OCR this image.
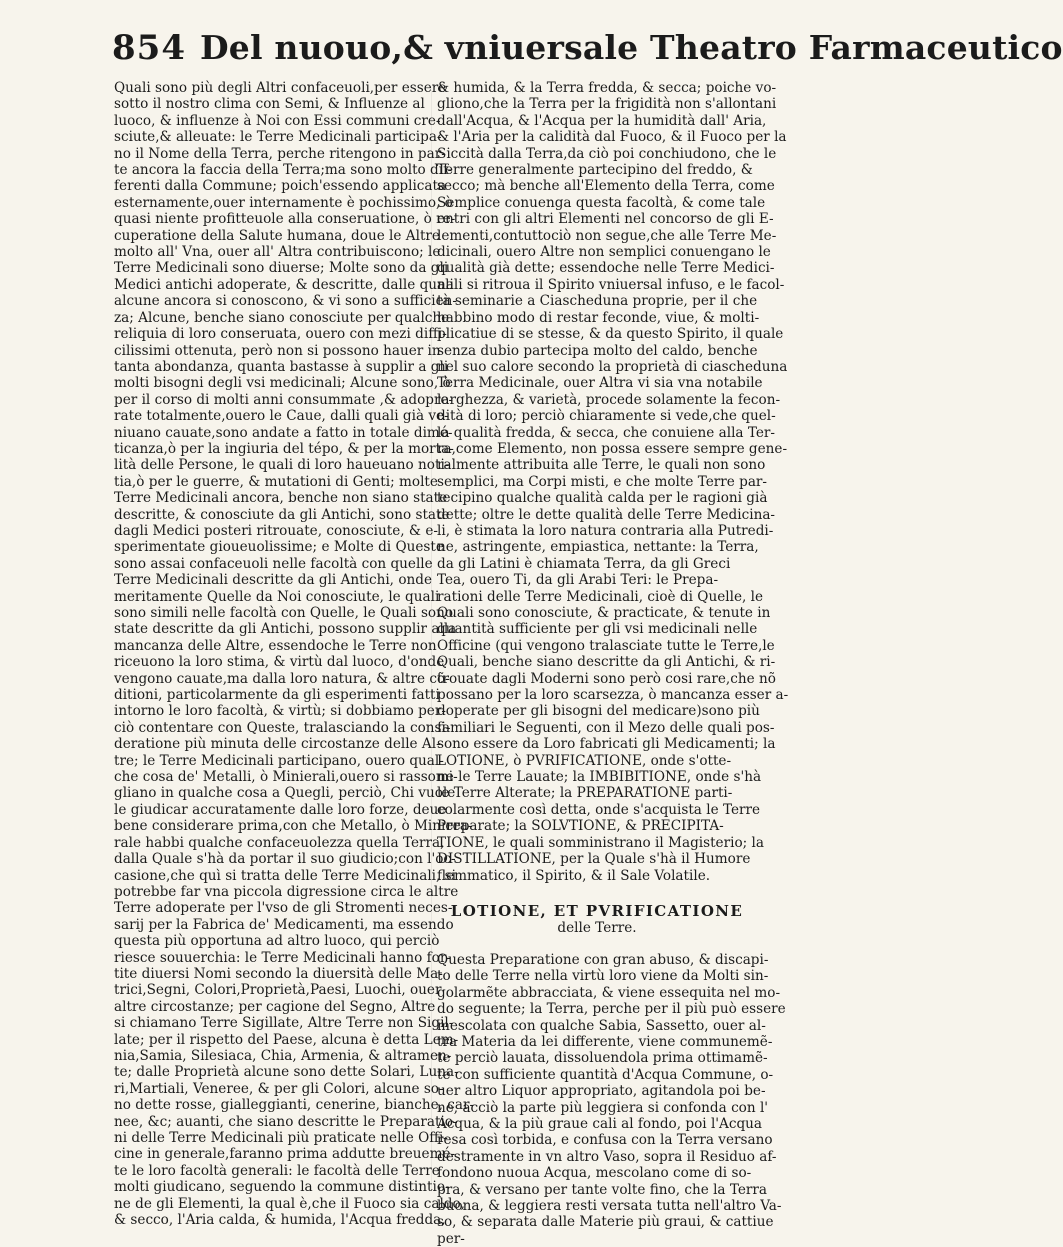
854 Del nuouo,& vniuersale Theatro Farmaceutico
Quali sono più degli Altri confaceuoli,per essere
sotto il nostro clima con Semi, & Influenze al
luoco, & influenze à Noi con Essi communi cre-
sciute,& alleuate: le Terre Medicinali participa-
no il Nome della Terra, perche ritengono in par-
te ancora la faccia della Terra;ma sono molto dif-
ferenti dalla Commune; poich'essendo applicata
esternamente,ouer internamente è pochissimo, ò
quasi niente profitteuole alla conseruatione, ò re-
cuperatione della Salute humana, doue le Altre
molto all' Vna, ouer all' Altra contribuiscono; le
Terre Medicinali sono diuerse; Molte sono da gli
Medici antichi adoperate, & descritte, dalle quali
alcune ancora si conoscono, & vi sono a sufficien-
za; Alcune, benche siano conosciute per qualche
reliquia di loro conseruata, ouero con mezi diffi-
cilissimi ottenuta, però non si possono hauer in
tanta abondanza, quanta bastasse à supplir a gli
molti bisogni degli vsi medicinali; Alcune sono, ò
per il corso di molti anni consummate ,& adopre-
rate totalmente,ouero le Caue, dalli quali già ve-
niuano cauate,sono andate a fatto in totale dimé-
ticanza,ò per la ingiuria del tépo, & per la morta-
lità delle Persone, le quali di loro haueuano noti-
tia,ò per le guerre, & mutationi di Genti; molte
Terre Medicinali ancora, benche non siano state
descritte, & conosciute da gli Antichi, sono state
dagli Medici posteri ritrouate, conosciute, & e-
sperimentate gioueuolissime; e Molte di Queste
sono assai confaceuoli nelle facoltà con quelle
Terre Medicinali descritte da gli Antichi, onde
meritamente Quelle da Noi conosciute, le quali
sono simili nelle facoltà con Quelle, le Quali sono
state descritte da gli Antichi, possono supplir alla
mancanza delle Altre, essendoche le Terre non
riceuono la loro stima, & virtù dal luoco, d'onde
vengono cauate,ma dalla loro natura, & altre cõ-
ditioni, particolarmente da gli esperimenti fatti
intorno le loro facoltà, & virtù; si dobbiamo per-
ciò contentare con Queste, tralasciando la consi-
deratione più minuta delle circostanze delle Al-
tre; le Terre Medicinali participano, ouero qual-
che cosa de' Metalli, ò Minierali,ouero si rassomi-
gliano in qualche cosa a Quegli, perciò, Chi vuole
le giudicar accuratamente dalle loro forze, deue
bene considerare prima,con che Metallo, ò Miniera-
rale habbi qualche confaceuolezza quella Terra,
dalla Quale s'hà da portar il suo giudicio;con l'oc-
casione,che quì si tratta delle Terre Medicinali, si
potrebbe far vna piccola digressione circa le altre
Terre adoperate per l'vso de gli Stromenti neces-
sarij per la Fabrica de' Medicamenti, ma essendo
questa più opportuna ad altro luoco, qui perciò
riesce souuerchia: le Terre Medicinali hanno for-
tite diuersi Nomi secondo la diuersità delle Ma-
trici,Segni, Colori,Proprietà,Paesi, Luochi, ouer
altre circostanze; per cagione del Segno, Altre
si chiamano Terre Sigillate, Altre Terre non Sigil-
late; per il rispetto del Paese, alcuna è detta Lem-
nia,Samia, Silesiaca, Chia, Armenia, & altramen-
te; dalle Proprietà alcune sono dette Solari, Luna-
ri,Martiali, Veneree, & per gli Colori, alcune so-
no dette rosse, gialleggianti, cenerine, bianche, car-
nee, &c; auanti, che siano descritte le Preparatio-
ni delle Terre Medicinali più praticate nelle Offi-
cine in generale,faranno prima addutte breuemé-
te le loro facoltà generali: le facoltà delle Terre
molti giudicano, seguendo la commune distintio-
ne de gli Elementi, la qual è,che il Fuoco sia caldo,
& secco, l'Aria calda, & humida, l'Acqua fredda,
& humida, & la Terra fredda, & secca; poiche vo-
gliono,che la Terra per la frigidità non s'allontani
dall'Acqua, & l'Acqua per la humidità dall' Aria,
& l'Aria per la calidità dal Fuoco, & il Fuoco per la
Siccità dalla Terra,da ciò poi conchiudono, che le
Terre generalmente partecipino del freddo, &
secco; mà benche all'Elemento della Terra, come
Semplice conuenga questa facoltà, & come tale
entri con gli altri Elementi nel concorso de gli E-
lementi,contuttociò non segue,che alle Terre Me-
dicinali, ouero Altre non semplici conuengano le
qualità già dette; essendoche nelle Terre Medici-
nali si ritroua il Spirito vniuersal infuso, e le facol-
tà seminarie a Ciascheduna proprie, per il che
habbino modo di restar feconde, viue, & molti-
plicatiue di se stesse, & da questo Spirito, il quale
senza dubio partecipa molto del caldo, benche
nel suo calore secondo la proprietà di ciascheduna
Terra Medicinale, ouer Altra vi sia vna notabile
larghezza, & varietà, procede solamente la fecon-
dità di loro; perciò chiaramente si vede,che quel-
la qualità fredda, & secca, che conuiene alla Ter-
ra,come Elemento, non possa essere sempre gene-
ralmente attribuita alle Terre, le quali non sono
semplici, ma Corpi misti, e che molte Terre par-
tecipino qualche qualità calda per le ragioni già
dette; oltre le dette qualità delle Terre Medicina-
li, è stimata la loro natura contraria alla Putredi-
ne, astringente, empiastica, nettante: la Terra,
da gli Latini è chiamata Terra, da gli Greci
Tea, ouero Ti, da gli Arabi Teri: le Prepa-
rationi delle Terre Medicinali, cioè di Quelle, le
Quali sono conosciute, & practicate, & tenute in
quantità sufficiente per gli vsi medicinali nelle
Officine (qui vengono tralasciate tutte le Terre,le
Quali, benche siano descritte da gli Antichi, & ri-
trouate dagli Moderni sono però cosi rare,che nõ
possano per la loro scarsezza, ò mancanza esser a-
doperate per gli bisogni del medicare)sono più
familiari le Seguenti, con il Mezo delle quali pos-
sono essere da Loro fabricati gli Medicamenti; la
LOTIONE, ò PVRIFICATIONE, onde s'otte-
ne le Terre Lauate; la IMBIBITIONE, onde s'hà
le Terre Alterate; la PREPARATIONE parti-
colarmente così detta, onde s'acquista le Terre
Preparate; la SOLVTIONE, & PRECIPITA-
TIONE, le quali somministrano il Magisterio; la
DISTILLATIONE, per la Quale s'hà il Humore
flemmatico, il Spirito, & il Sale Volatile.
LOTIONE, ET PVRIFICATIONE
delle Terre.
Questa Preparatione con gran abuso, & discapi-
to delle Terre nella virtù loro viene da Molti sin-
golarmẽte abbracciata, & viene essequita nel mo-
do seguente; la Terra, perche per il più può essere
mescolata con qualche Sabia, Sassetto, ouer al-
tra Materia da lei differente, viene communemẽ-
te perciò lauata, dissoluendola prima ottimamẽ-
te con sufficiente quantità d'Acqua Commune, o-
uer altro Liquor appropriato, agitandola poi be-
ne, acciò la parte più leggiera si confonda con l'
Acqua, & la più graue cali al fondo, poi l'Acqua
resa così torbida, e confusa con la Terra versano
destramente in vn altro Vaso, sopra il Residuo af-
fondono nuoua Acqua, mescolano come di so-
pra, & versano per tante volte fino, che la Terra
buona, & leggiera resti versata tutta nell'altro Va-
so, & separata dalle Materie più graui, & cattiue
per-
